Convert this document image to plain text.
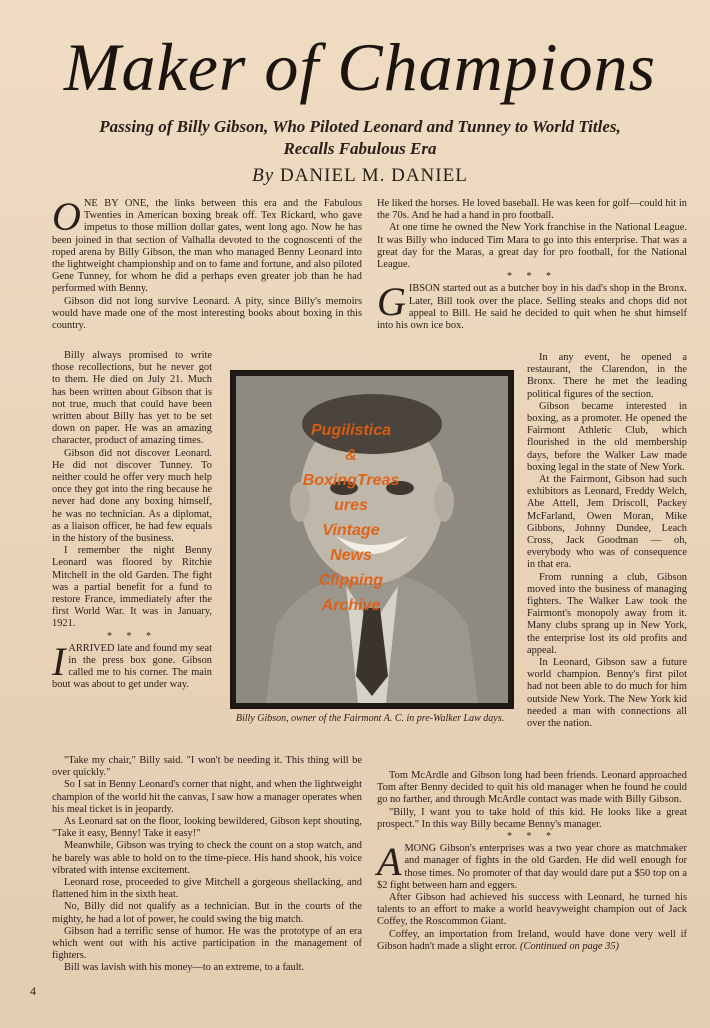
Maker of Champions
Passing of Billy Gibson, Who Piloted Leonard and Tunney to World Titles,
Recalls Fabulous Era
By DANIEL M. DANIEL

ONE BY ONE, the links between this era and the Fabulous Twenties in American boxing break off. Tex Rickard, who gave impetus to those million dollar gates, went long ago. Now he has been joined in that section of Valhalla devoted to the cognoscenti of the roped arena by Billy Gibson, the man who managed Benny Leonard into the lightweight championship and on to fame and fortune, and also piloted Gene Tunney, for whom he did a perhaps even greater job than he had performed with Benny.

Gibson did not long survive Leonard. A pity, since Billy's memoirs would have made one of the most interesting books about boxing in this country.

Billy always promised to write those recollections, but he never got to them. He died on July 21. Much has been written about Gibson that is not true, much that could have been written about Billy has yet to be set down on paper. He was an amazing character, product of amazing times.

Gibson did not discover Leonard. He did not discover Tunney. To neither could he offer very much help once they got into the ring because he never had done any boxing himself, he was no technician. As a diplomat, as a liaison officer, he had few equals in the history of the business.

I remember the night Benny Leonard was floored by Ritchie Mitchell in the old Garden. The fight was a partial benefit for a fund to restore France, immediately after the first World War. It was in January, 1921.

* * *

IARRIVED late and found my seat in the press box gone. Gibson called me to his corner. The main bout was about to get under way.

"Take my chair," Billy said. "I won't be needing it. This thing will be over quickly."

So I sat in Benny Leonard's corner that night, and when the lightweight champion of the world hit the canvas, I saw how a manager operates when his meal ticket is in jeopardy.

As Leonard sat on the floor, looking bewildered, Gibson kept shouting, "Take it easy, Benny! Take it easy!"

Meanwhile, Gibson was trying to check the count on a stop watch, and he barely was able to hold on to the time-piece. His hand shook, his voice vibrated with intense excitement.

Leonard rose, proceeded to give Mitchell a gorgeous shellacking, and flattened him in the sixth heat.

No, Billy did not qualify as a technician. But in the courts of the mighty, he had a lot of power, he could swing the big match.

Gibson had a terrific sense of humor. He was the prototype of an era which went out with his active participation in the management of fighters.

Bill was lavish with his money—to an extreme, to a fault.

He liked the horses. He loved baseball. He was keen for golf—could hit in the 70s. And he had a hand in pro football.

At one time he owned the New York franchise in the National League. It was Billy who induced Tim Mara to go into this enterprise. That was a great day for the Maras, a great day for pro football, for the National League.

* * *

GIBSON started out as a butcher boy in his dad's shop in the Bronx. Later, Bill took over the place. Selling steaks and chops did not appeal to Bill. He said he decided to quit when he shut himself into his own ice box.

In any event, he opened a restaurant, the Clarendon, in the Bronx. There he met the leading political figures of the section.

Gibson became interested in boxing, as a promoter. He opened the Fairmont Athletic Club, which flourished in the old membership days, before the Walker Law made boxing legal in the state of New York.

At the Fairmont, Gibson had such exhibitors as Leonard, Freddy Welch, Abe Attell, Jem Driscoll, Packey McFarland, Owen Moran, Mike Gibbons, Johnny Dundee, Leach Cross, Jack Goodman — oh, everybody who was of consequence in that era.

From running a club, Gibson moved into the business of managing fighters. The Walker Law took the Fairmont's monopoly away from it. Many clubs sprang up in New York, the enterprise lost its old profits and appeal.

In Leonard, Gibson saw a future world champion. Benny's first pilot had not been able to do much for him outside New York. The New York kid needed a man with connections all over the nation.

Tom McArdle and Gibson long had been friends. Leonard approached Tom after Benny decided to quit his old manager when he found he could go no farther, and through McArdle contact was made with Billy Gibson.

"Billy, I want you to take hold of this kid. He looks like a great prospect." In this way Billy became Benny's manager.

* * *

AMONG Gibson's enterprises was a two year chore as matchmaker and manager of fights in the old Garden. He did well enough for those times. No promoter of that day would dare put a $50 top on a $2 fight between ham and eggers.

After Gibson had achieved his success with Leonard, he turned his talents to an effort to make a world heavyweight champion out of Jack Coffey, the Roscommon Giant.

Coffey, an importation from Ireland, would have done very well if Gibson hadn't made a slight error. (Continued on page 35)

Billy Gibson, owner of the Fairmont A. C. in pre-Walker Law days.
Pugilistica
&
BoxingTreas
ures
Vintage
News
Clipping
Archive
4
